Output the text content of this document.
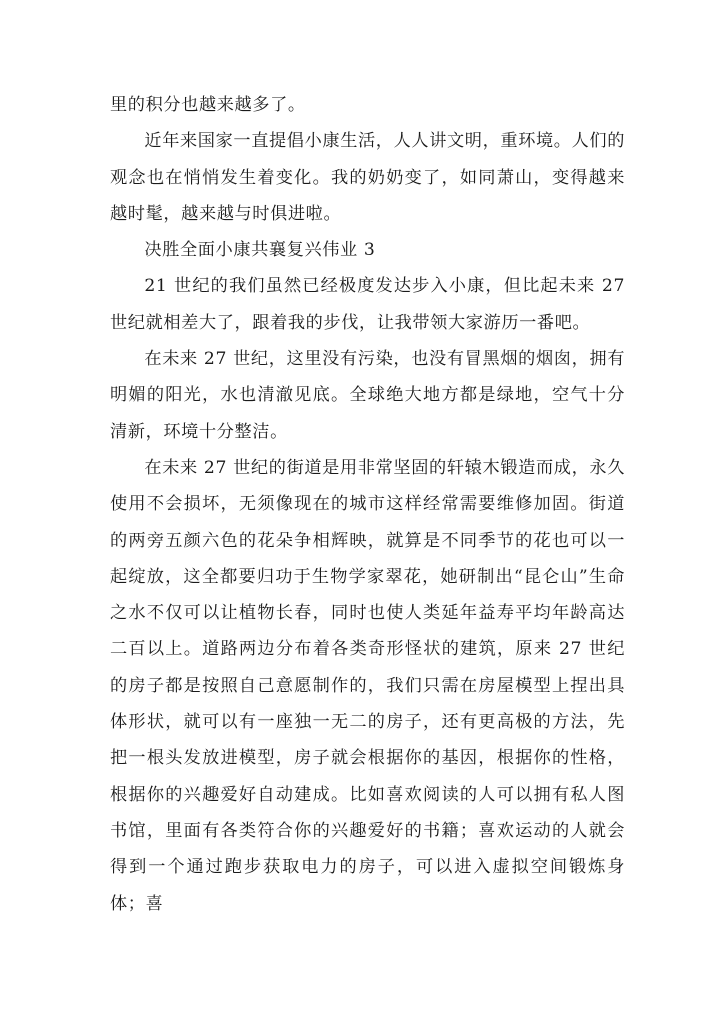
里的积分也越来越多了。

近年来国家一直提倡小康生活，人人讲文明，重环境。人们的观念也在悄悄发生着变化。我的奶奶变了，如同萧山，变得越来越时髦，越来越与时俱进啦。

决胜全面小康共襄复兴伟业 3

21 世纪的我们虽然已经极度发达步入小康，但比起未来 27 世纪就相差大了，跟着我的步伐，让我带领大家游历一番吧。

在未来 27 世纪，这里没有污染，也没有冒黑烟的烟囱，拥有明媚的阳光，水也清澈见底。全球绝大地方都是绿地，空气十分清新，环境十分整洁。

在未来 27 世纪的街道是用非常坚固的轩辕木锻造而成，永久使用不会损坏，无须像现在的城市这样经常需要维修加固。街道的两旁五颜六色的花朵争相辉映，就算是不同季节的花也可以一起绽放，这全都要归功于生物学家翠花，她研制出“昆仑山”生命之水不仅可以让植物长春，同时也使人类延年益寿平均年龄高达二百以上。道路两边分布着各类奇形怪状的建筑，原来 27 世纪的房子都是按照自己意愿制作的，我们只需在房屋模型上捏出具体形状，就可以有一座独一无二的房子，还有更高极的方法，先把一根头发放进模型，房子就会根据你的基因，根据你的性格，根据你的兴趣爱好自动建成。比如喜欢阅读的人可以拥有私人图书馆，里面有各类符合你的兴趣爱好的书籍；喜欢运动的人就会得到一个通过跑步获取电力的房子，可以进入虚拟空间锻炼身体；喜
